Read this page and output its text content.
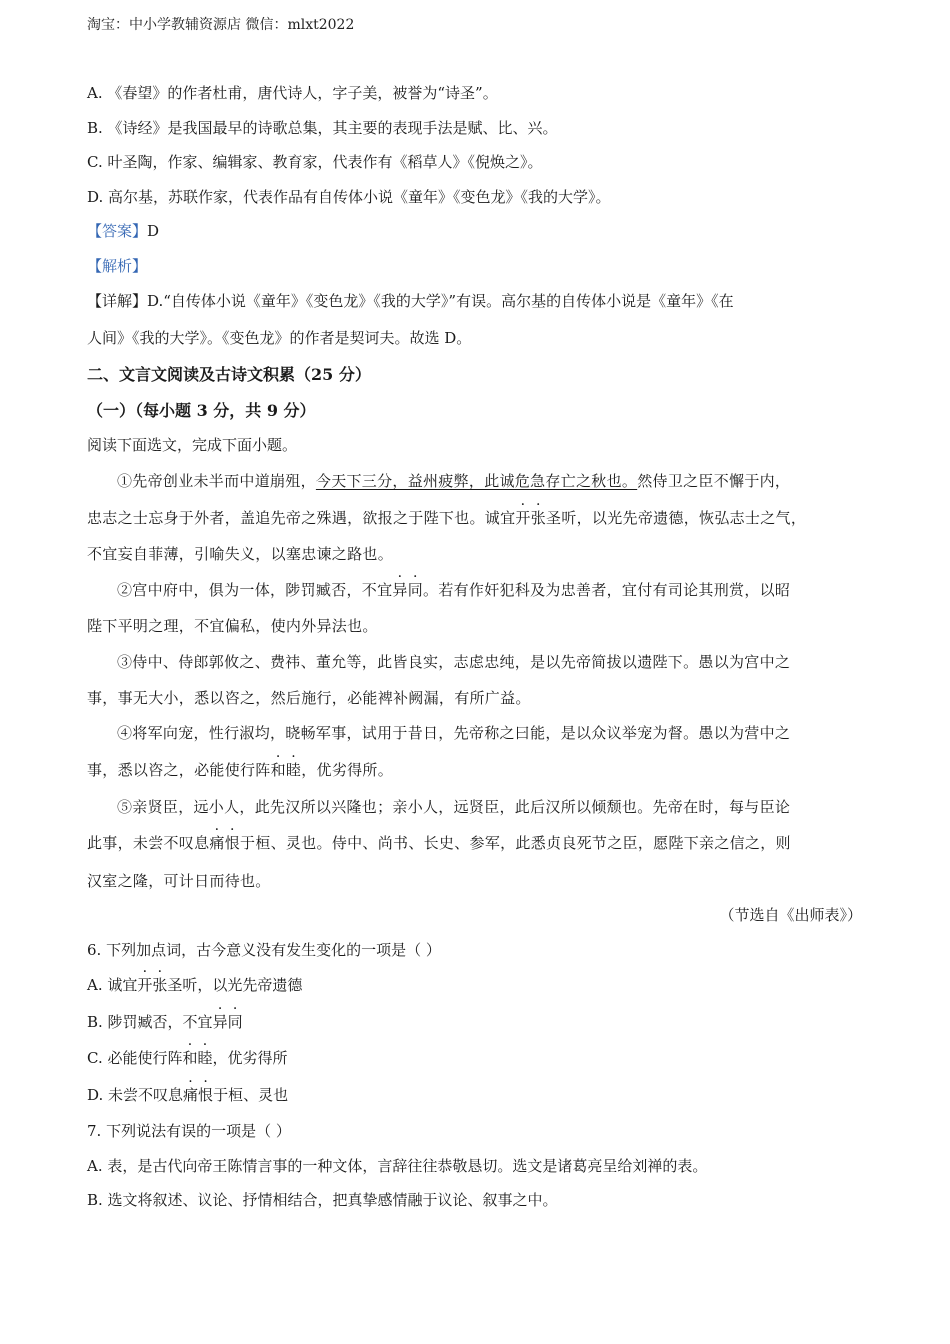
淘宝：中小学教辅资源店 微信：mlxt2022
A. 《春望》的作者杜甫，唐代诗人，字子美，被誉为“诗圣”。
B. 《诗经》是我国最早的诗歌总集，其主要的表现手法是赋、比、兴。
C. 叶圣陶，作家、编辑家、教育家，代表作有《稻草人》《倪焕之》。
D. 高尔基，苏联作家，代表作品有自传体小说《童年》《变色龙》《我的大学》。
【答案】D
【解析】
【详解】D.“自传体小说《童年》《变色龙》《我的大学》”有误。高尔基的自传体小说是《童年》《在
人间》《我的大学》。《变色龙》的作者是契诃夫。故选 D。
二、文言文阅读及古诗文积累（25 分）
（一）（每小题 3 分，共 9 分）
阅读下面选文，完成下面小题。
①先帝创业未半而中道崩殂，今天下三分，益州疲弊，此诚危急存亡之秋也。然侍卫之臣不懈于内，
忠志之士忘身于外者，盖追先帝之殊遇，欲报之于陛下也。诚宜开张圣听，以光先帝遗德，恢弘志士之气，
不宜妄自菲薄，引喻失义，以塞忠谏之路也。
②宫中府中，俱为一体，陟罚臧否，不宜异同。若有作奸犯科及为忠善者，宜付有司论其刑赏，以昭
陛下平明之理，不宜偏私，使内外异法也。
③侍中、侍郎郭攸之、费祎、董允等，此皆良实，志虑忠纯，是以先帝简拔以遗陛下。愚以为宫中之
事，事无大小，悉以咨之，然后施行，必能裨补阙漏，有所广益。
④将军向宠，性行淑均，晓畅军事，试用于昔日，先帝称之曰能，是以众议举宠为督。愚以为营中之
事，悉以咨之，必能使行阵和睦，优劣得所。
⑤亲贤臣，远小人，此先汉所以兴隆也；亲小人，远贤臣，此后汉所以倾颓也。先帝在时，每与臣论
此事，未尝不叹息痛恨于桓、灵也。侍中、尚书、长史、参军，此悉贞良死节之臣，愿陛下亲之信之，则
汉室之隆，可计日而待也。
（节选自《出师表》）
6. 下列加点词，古今意义没有发生变化的一项是（ ）
A. 诚宜开张圣听，以光先帝遗德
B. 陟罚臧否，不宜异同
C. 必能使行阵和睦，优劣得所
D. 未尝不叹息痛恨于桓、灵也
7. 下列说法有误的一项是（ ）
A. 表，是古代向帝王陈情言事的一种文体，言辞往往恭敬恳切。选文是诸葛亮呈给刘禅的表。
B. 选文将叙述、议论、抒情相结合，把真挚感情融于议论、叙事之中。
